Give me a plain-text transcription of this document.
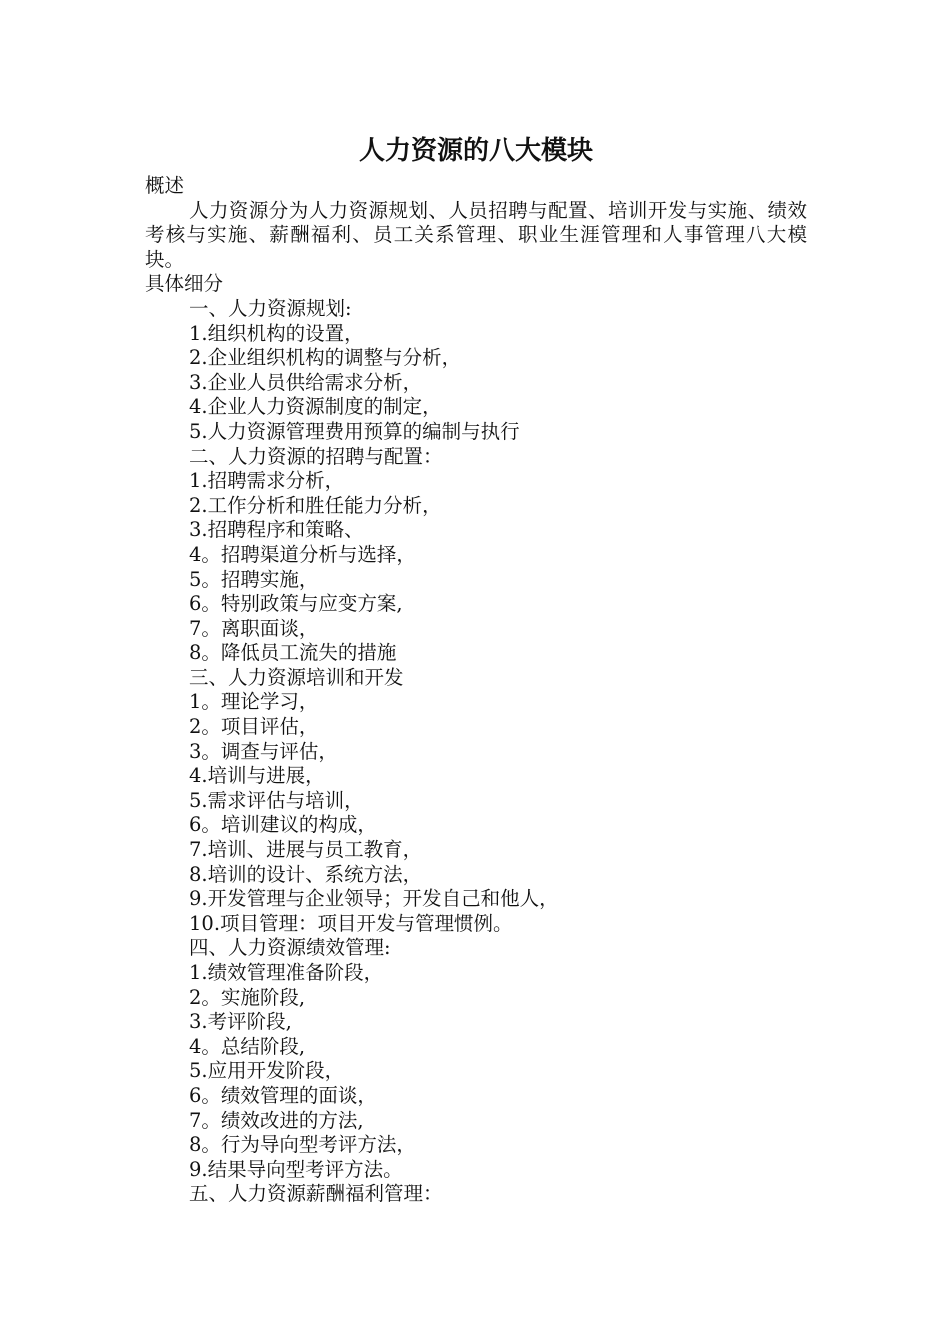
人力资源的八大模块
概述
人力资源分为人力资源规划、人员招聘与配置、培训开发与实施、绩效考核与实施、薪酬福利、员工关系管理、职业生涯管理和人事管理八大模块。
具体细分
一、人力资源规划:
1.组织机构的设置，
2.企业组织机构的调整与分析，
3.企业人员供给需求分析，
4.企业人力资源制度的制定，
5.人力资源管理费用预算的编制与执行
二、人力资源的招聘与配置：
1.招聘需求分析，
2.工作分析和胜任能力分析，
3.招聘程序和策略、
4。招聘渠道分析与选择，
5。招聘实施，
6。特别政策与应变方案,
7。离职面谈，
8。降低员工流失的措施
三、人力资源培训和开发
1。理论学习，
2。项目评估，
3。调查与评估，
4.培训与进展，
5.需求评估与培训，
6。培训建议的构成，
7.培训、进展与员工教育，
8.培训的设计、系统方法，
9.开发管理与企业领导；开发自己和他人，
10.项目管理：项目开发与管理惯例。
四、人力资源绩效管理:
1.绩效管理准备阶段，
2。实施阶段,
3.考评阶段,
4。总结阶段,
5.应用开发阶段，
6。绩效管理的面谈，
7。绩效改进的方法,
8。行为导向型考评方法，
9.结果导向型考评方法。
五、人力资源薪酬福利管理：
